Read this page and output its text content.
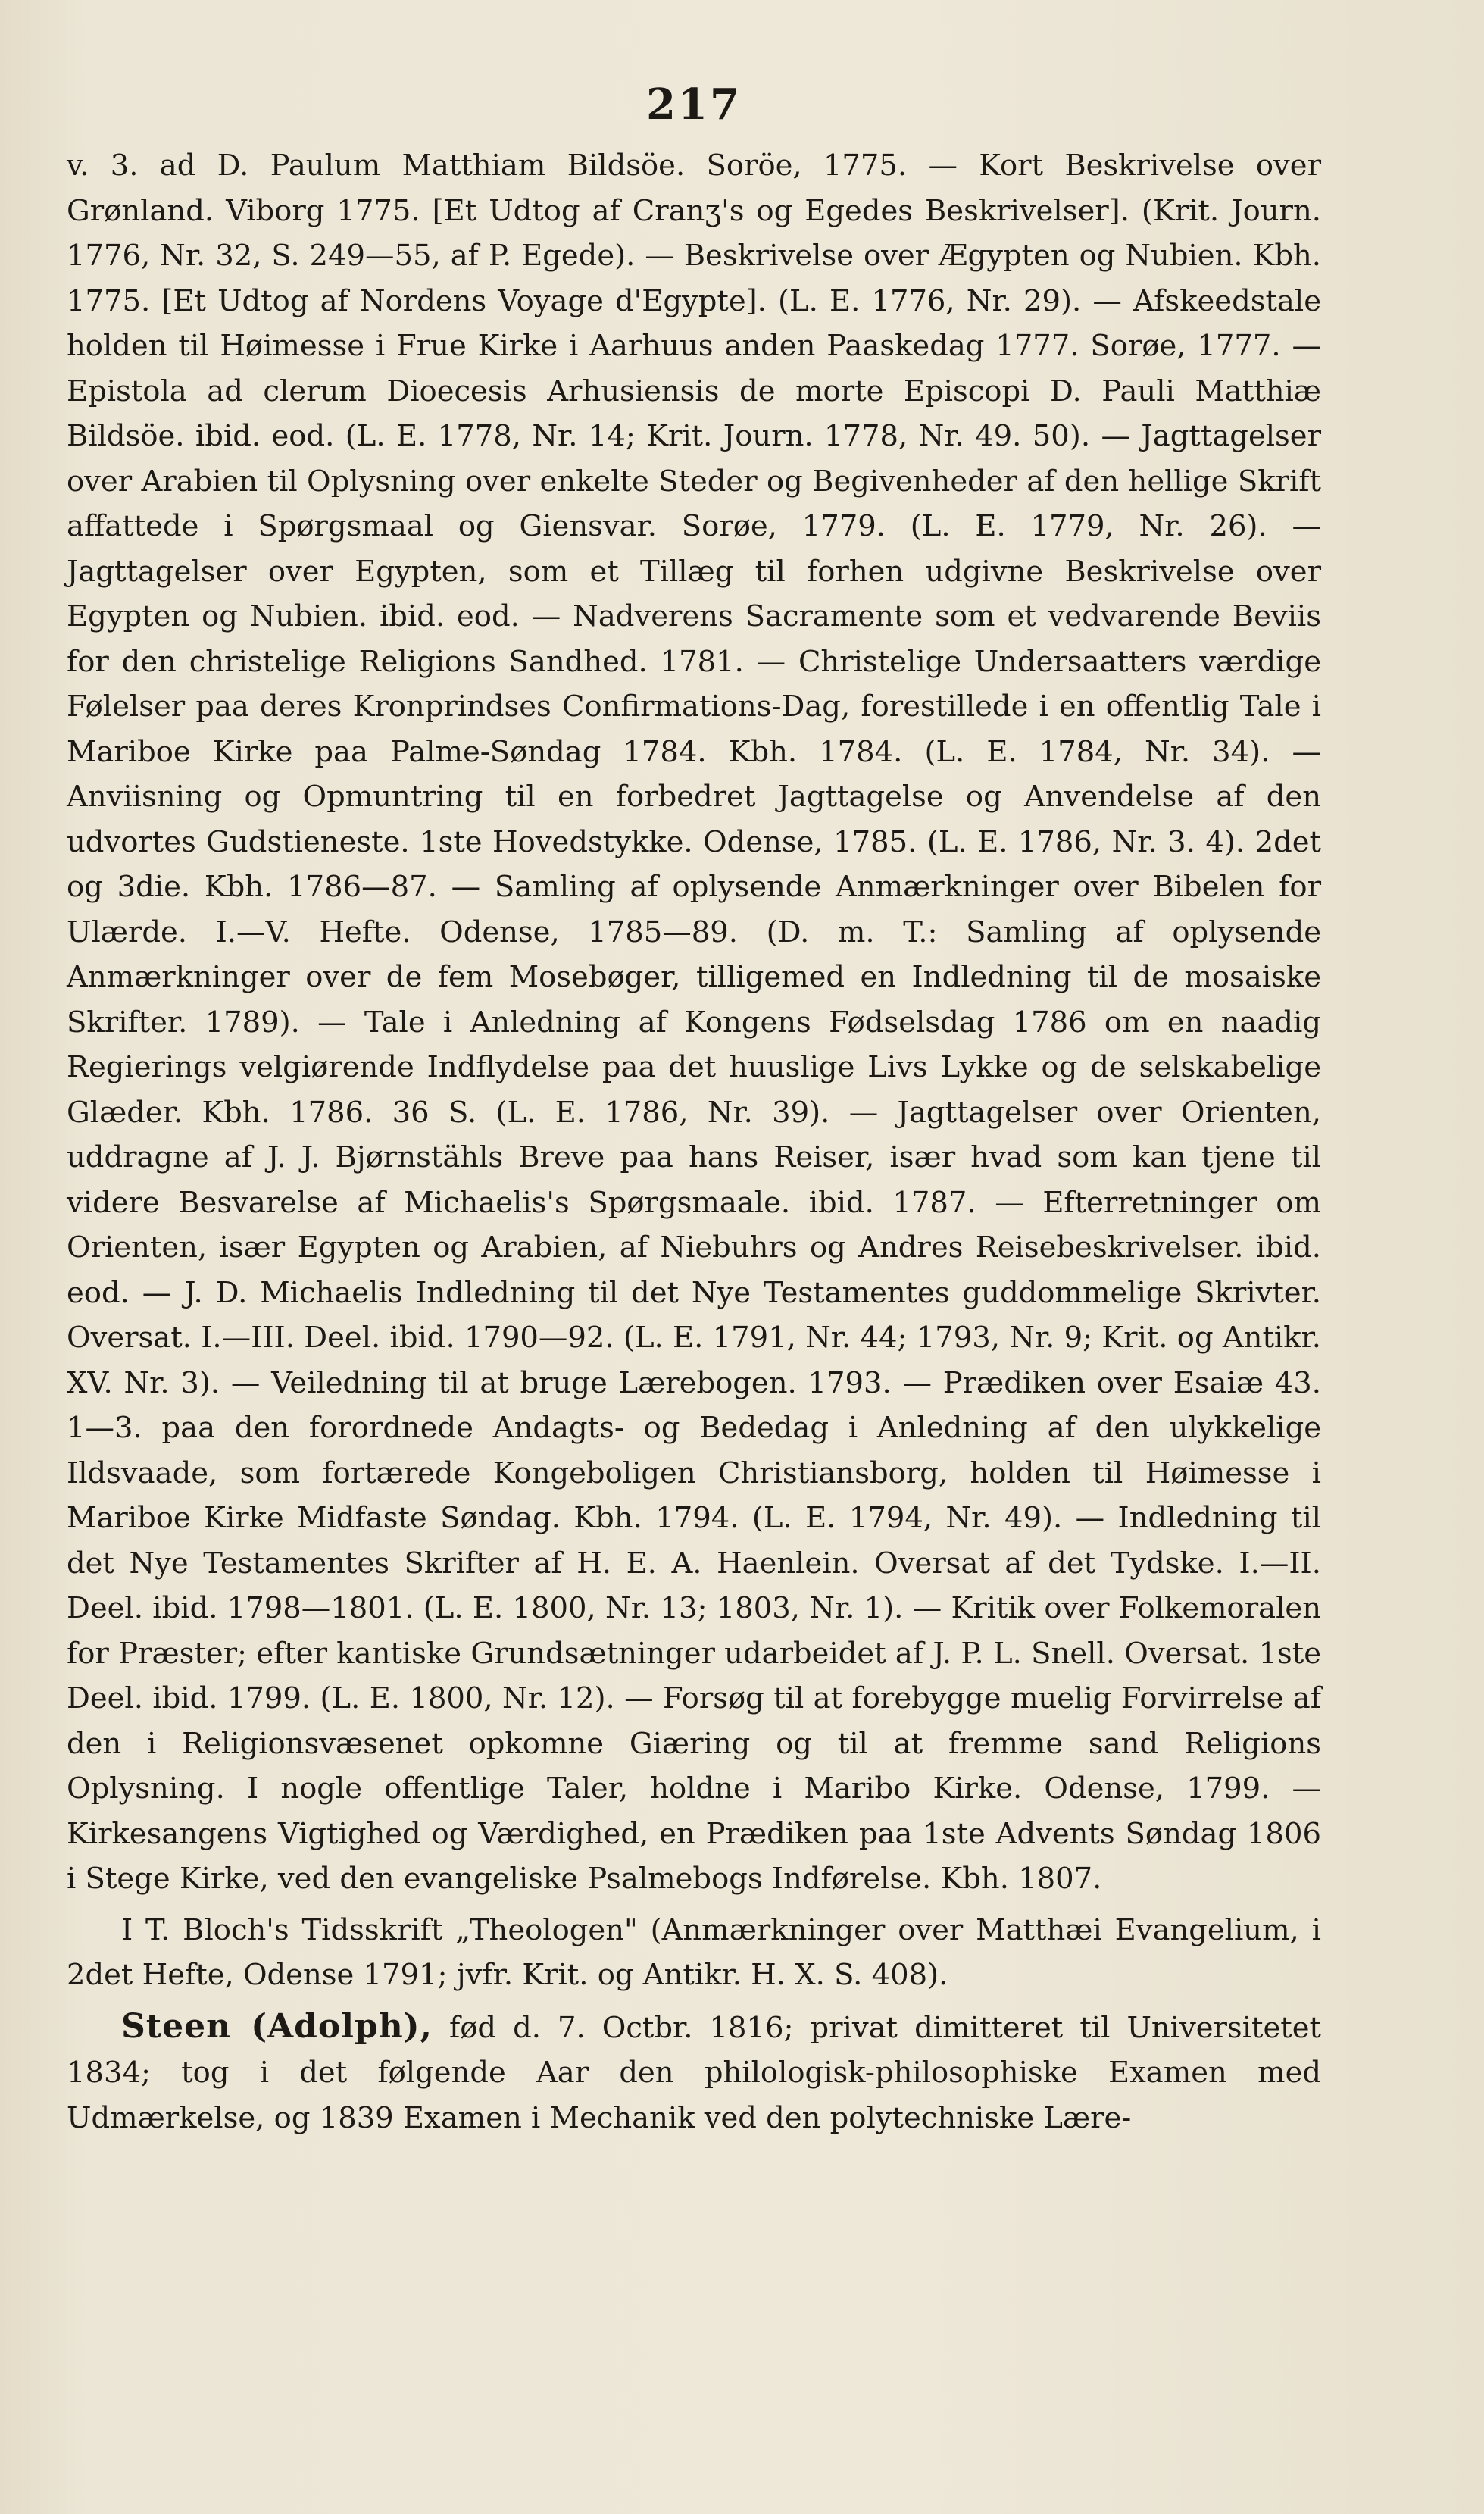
217

v. 3. ad D. Paulum Matthiam Bildsöe. Soröe, 1775. — Kort Beskrivelse over Grønland. Viborg 1775. [Et Udtog af Cranʒ's og Egedes Beskrivelser]. (Krit. Journ. 1776, Nr. 32, S. 249—55, af P. Egede). — Beskrivelse over Ægypten og Nubien. Kbh. 1775. [Et Udtog af Nordens Voyage d'Egypte]. (L. E. 1776, Nr. 29). — Afskeedstale holden til Høimesse i Frue Kirke i Aarhuus anden Paaskedag 1777. Sorøe, 1777. — Epistola ad clerum Dioecesis Arhusiensis de morte Episcopi D. Pauli Matthiæ Bildsöe. ibid. eod. (L. E. 1778, Nr. 14; Krit. Journ. 1778, Nr. 49. 50). — Jagttagelser over Arabien til Oplysning over enkelte Steder og Begivenheder af den hellige Skrift affattede i Spørgsmaal og Giensvar. Sorøe, 1779. (L. E. 1779, Nr. 26). — Jagttagelser over Egypten, som et Tillæg til forhen udgivne Beskrivelse over Egypten og Nubien. ibid. eod. — Nadverens Sacramente som et vedvarende Beviis for den christelige Religions Sandhed. 1781. — Christelige Undersaatters værdige Følelser paa deres Kronprindses Confirmations-Dag, forestillede i en offentlig Tale i Mariboe Kirke paa Palme-Søndag 1784. Kbh. 1784. (L. E. 1784, Nr. 34). — Anviisning og Opmuntring til en forbedret Jagttagelse og Anvendelse af den udvortes Gudstieneste. 1ste Hovedstykke. Odense, 1785. (L. E. 1786, Nr. 3. 4). 2det og 3die. Kbh. 1786—87. — Samling af oplysende Anmærkninger over Bibelen for Ulærde. I.—V. Hefte. Odense, 1785—89. (D. m. T.: Samling af oplysende Anmærkninger over de fem Mosebøger, tilligemed en Indledning til de mosaiske Skrifter. 1789). — Tale i Anledning af Kongens Fødselsdag 1786 om en naadig Regierings velgiørende Indflydelse paa det huuslige Livs Lykke og de selskabelige Glæder. Kbh. 1786. 36 S. (L. E. 1786, Nr. 39). — Jagttagelser over Orienten, uddragne af J. J. Bjørnstähls Breve paa hans Reiser, især hvad som kan tjene til videre Besvarelse af Michaelis's Spørgsmaale. ibid. 1787. — Efterretninger om Orienten, især Egypten og Arabien, af Niebuhrs og Andres Reisebeskrivelser. ibid. eod. — J. D. Michaelis Indledning til det Nye Testamentes guddommelige Skrivter. Oversat. I.—III. Deel. ibid. 1790—92. (L. E. 1791, Nr. 44; 1793, Nr. 9; Krit. og Antikr. XV. Nr. 3). — Veiledning til at bruge Lærebogen. 1793. — Prædiken over Esaiæ 43. 1—3. paa den forordnede Andagts- og Bededag i Anledning af den ulykkelige Ildsvaade, som fortærede Kongeboligen Christiansborg, holden til Høimesse i Mariboe Kirke Midfaste Søndag. Kbh. 1794. (L. E. 1794, Nr. 49). — Indledning til det Nye Testamentes Skrifter af H. E. A. Haenlein. Oversat af det Tydske. I.—II. Deel. ibid. 1798—1801. (L. E. 1800, Nr. 13; 1803, Nr. 1). — Kritik over Folkemoralen for Præster; efter kantiske Grundsætninger udarbeidet af J. P. L. Snell. Oversat. 1ste Deel. ibid. 1799. (L. E. 1800, Nr. 12). — Forsøg til at forebygge muelig Forvirrelse af den i Religionsvæsenet opkomne Giæring og til at fremme sand Religions Oplysning. I nogle offentlige Taler, holdne i Maribo Kirke. Odense, 1799. — Kirkesangens Vigtighed og Værdighed, en Prædiken paa 1ste Advents Søndag 1806 i Stege Kirke, ved den evangeliske Psalmebogs Indførelse. Kbh. 1807.

I T. Bloch's Tidsskrift „Theologen" (Anmærkninger over Matthæi Evangelium, i 2det Hefte, Odense 1791; jvfr. Krit. og Antikr. H. X. S. 408).

Steen (Adolph), fød d. 7. Octbr. 1816; privat dimitteret til Universitetet 1834; tog i det følgende Aar den philologisk-philosophiske Examen med Udmærkelse, og 1839 Examen i Mechanik ved den polytechniske Lære-
